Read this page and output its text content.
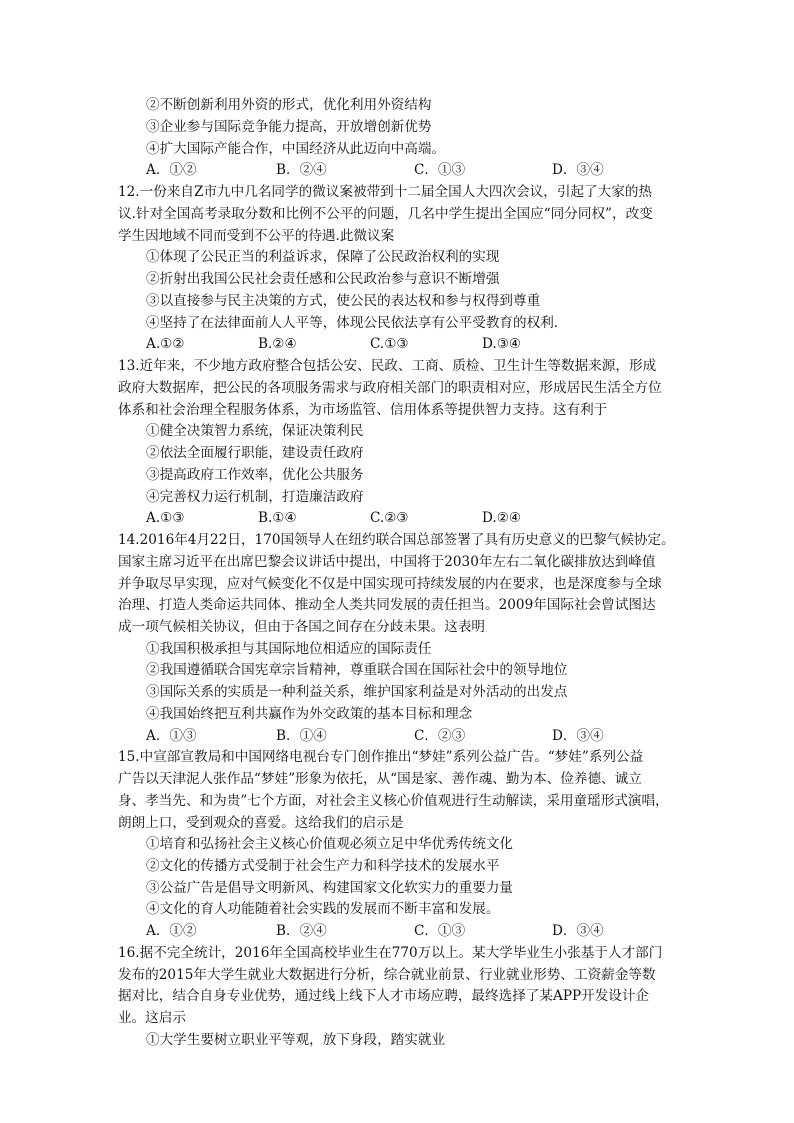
②不断创新利用外资的形式，优化利用外资结构
③企业参与国际竞争能力提高，开放增创新优势
④扩大国际产能合作，中国经济从此迈向中高端。
A．①②	B．②④	C．①③	D．③④
12.一份来自Z市九中几名同学的微议案被带到十二届全国人大四次会议，引起了大家的热
议.针对全国高考录取分数和比例不公平的问题，几名中学生提出全国应“同分同权”，改变
学生因地域不同而受到不公平的待遇.此微议案
①体现了公民正当的利益诉求，保障了公民政治权利的实现
②折射出我国公民社会责任感和公民政治参与意识不断增强
③以直接参与民主决策的方式，使公民的表达权和参与权得到尊重
④坚持了在法律面前人人平等，体现公民依法享有公平受教育的权利.
A.①②	B.②④	C.①③	D.③④
13.近年来，不少地方政府整合包括公安、民政、工商、质检、卫生计生等数据来源，形成
政府大数据库，把公民的各项服务需求与政府相关部门的职责相对应，形成居民生活全方位
体系和社会治理全程服务体系，为市场监管、信用体系等提供智力支持。这有利于
①健全决策智力系统，保证决策利民
②依法全面履行职能，建设责任政府
③提高政府工作效率，优化公共服务
④完善权力运行机制，打造廉洁政府
A.①③	B.①④	C.②③	D.②④
14.2016年4月22日，170国领导人在纽约联合国总部签署了具有历史意义的巴黎气候协定。
国家主席习近平在出席巴黎会议讲话中提出，中国将于2030年左右二氧化碳排放达到峰值
并争取尽早实现，应对气候变化不仅是中国实现可持续发展的内在要求，也是深度参与全球
治理、打造人类命运共同体、推动全人类共同发展的责任担当。2009年国际社会曾试图达
成一项气候相关协议，但由于各国之间存在分歧未果。这表明
①我国积极承担与其国际地位相适应的国际责任
②我国遵循联合国宪章宗旨精神，尊重联合国在国际社会中的领导地位
③国际关系的实质是一种利益关系，维护国家利益是对外活动的出发点
④我国始终把互利共赢作为外交政策的基本目标和理念
A．①③	B．①④	C．②③	D．③④
15.中宣部宣教局和中国网络电视台专门创作推出“梦娃”系列公益广告。“梦娃”系列公益
广告以天津泥人张作品“梦娃”形象为依托，从“国是家、善作魂、勤为本、俭养德、诚立
身、孝当先、和为贵”七个方面，对社会主义核心价值观进行生动解读，采用童瑶形式演唱，
朗朗上口，受到观众的喜爱。这给我们的启示是
①培育和弘扬社会主义核心价值观必须立足中华优秀传统文化
②文化的传播方式受制于社会生产力和科学技术的发展水平
③公益广告是倡导文明新风、构建国家文化软实力的重要力量
④文化的育人功能随着社会实践的发展而不断丰富和发展。
A．①②	B．②④	C．①③	D．③④
16.据不完全统计，2016年全国高校毕业生在770万以上。某大学毕业生小张基于人才部门
发布的2015年大学生就业大数据进行分析，综合就业前景、行业就业形势、工资薪金等数
据对比，结合自身专业优势，通过线上线下人才市场应聘，最终选择了某APP开发设计企
业。这启示
①大学生要树立职业平等观，放下身段，踏实就业
